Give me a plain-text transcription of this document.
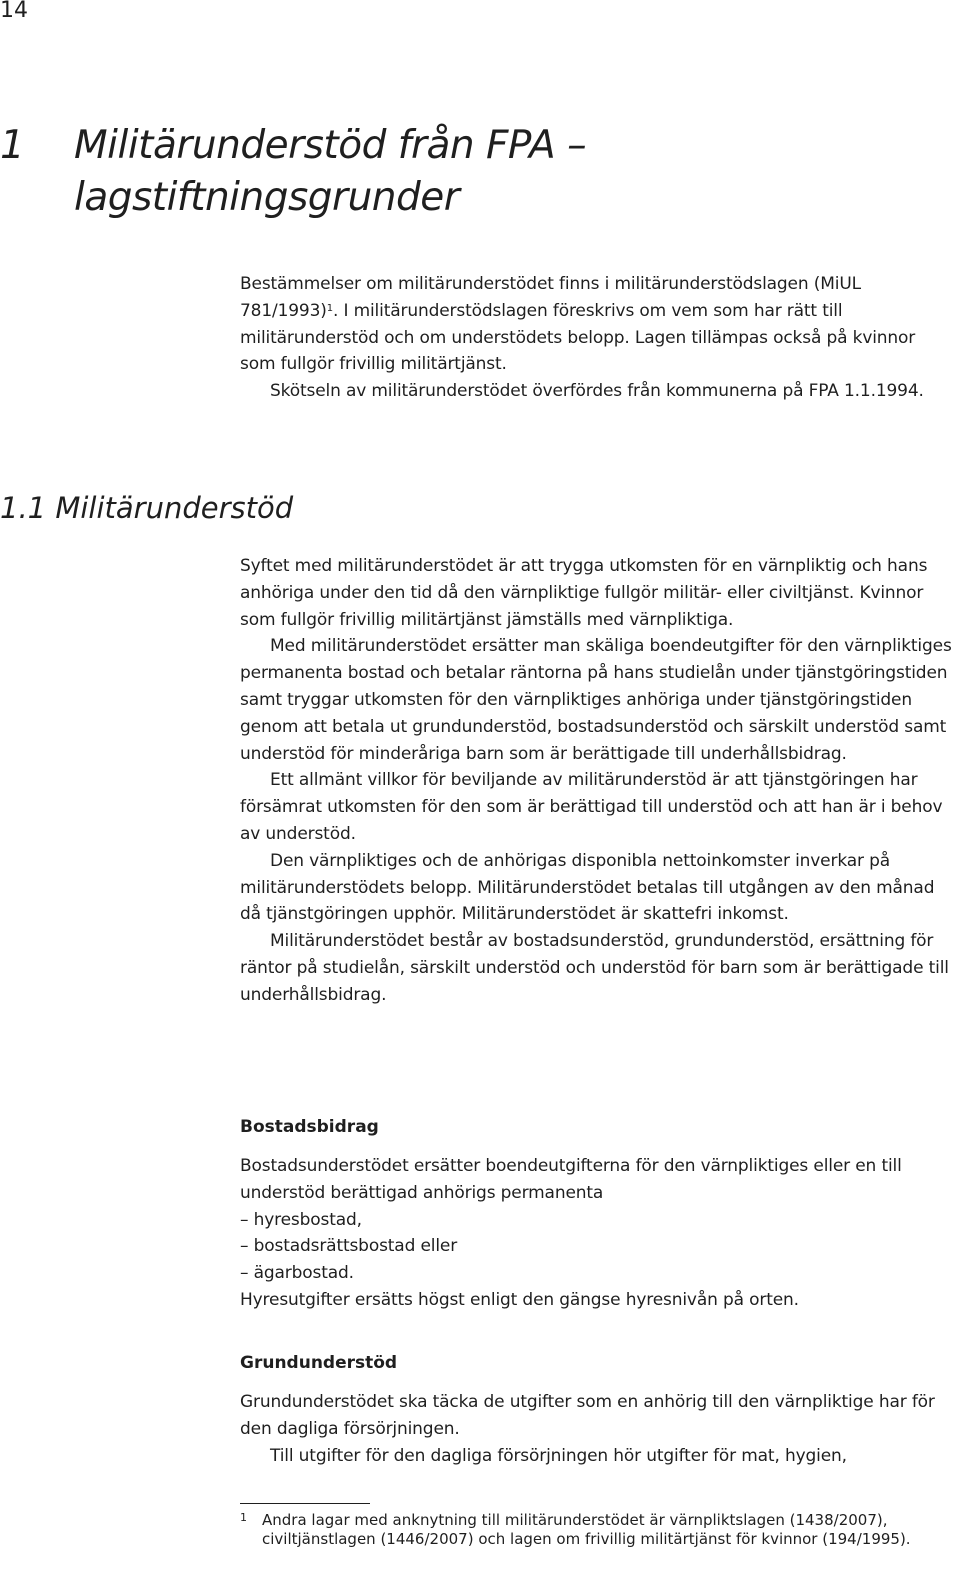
14
1 Militärunderstöd från FPA –
lagstiftningsgrunder

Bestämmelser om militärunderstödet finns i militärunderstödslagen (MiUL 781/1993)$^1$. I militärunderstödslagen föreskrivs om vem som har rätt till militärunderstöd och om understödets belopp. Lagen tillämpas också på kvinnor som fullgör frivillig militärtjänst.

Skötseln av militärunderstödet överfördes från kommunerna på FPA 1.1.1994.

1.1 Militärunderstöd

Syftet med militärunderstödet är att trygga utkomsten för en värnpliktig och hans anhöriga under den tid då den värnpliktige fullgör militär- eller civiltjänst. Kvinnor som fullgör frivillig militärtjänst jämställs med värnpliktiga.

Med militärunderstödet ersätter man skäliga boendeutgifter för den värnpliktiges permanenta bostad och betalar räntorna på hans studielån under tjänstgöringstiden samt tryggar utkomsten för den värnpliktiges anhöriga under tjänstgöringstiden genom att betala ut grundunderstöd, bostadsunderstöd och särskilt understöd samt understöd för minderåriga barn som är berättigade till underhållsbidrag.

Ett allmänt villkor för beviljande av militärunderstöd är att tjänstgöringen har försämrat utkomsten för den som är berättigad till understöd och att han är i behov av understöd.

Den värnpliktiges och de anhörigas disponibla nettoinkomster inverkar på militärunderstödets belopp. Militärunderstödet betalas till utgången av den månad då tjänstgöringen upphör. Militärunderstödet är skattefri inkomst.

Militärunderstödet består av bostadsunderstöd, grundunderstöd, ersättning för räntor på studielån, särskilt understöd och understöd för barn som är berättigade till underhållsbidrag.

Bostadsbidrag

Bostadsunderstödet ersätter boendeutgifterna för den värnpliktiges eller en till understöd berättigad anhörigs permanenta

– hyresbostad,
– bostadsrättsbostad eller
– ägarbostad.

Hyresutgifter ersätts högst enligt den gängse hyresnivån på orten.

Grundunderstöd

Grundunderstödet ska täcka de utgifter som en anhörig till den värnpliktige har för den dagliga försörjningen.

Till utgifter för den dagliga försörjningen hör utgifter för mat, hygien,

1	Andra lagar med anknytning till militärunderstödet är värnpliktslagen (1438/2007), civiltjänstlagen (1446/2007) och lagen om frivillig militärtjänst för kvinnor (194/1995).
